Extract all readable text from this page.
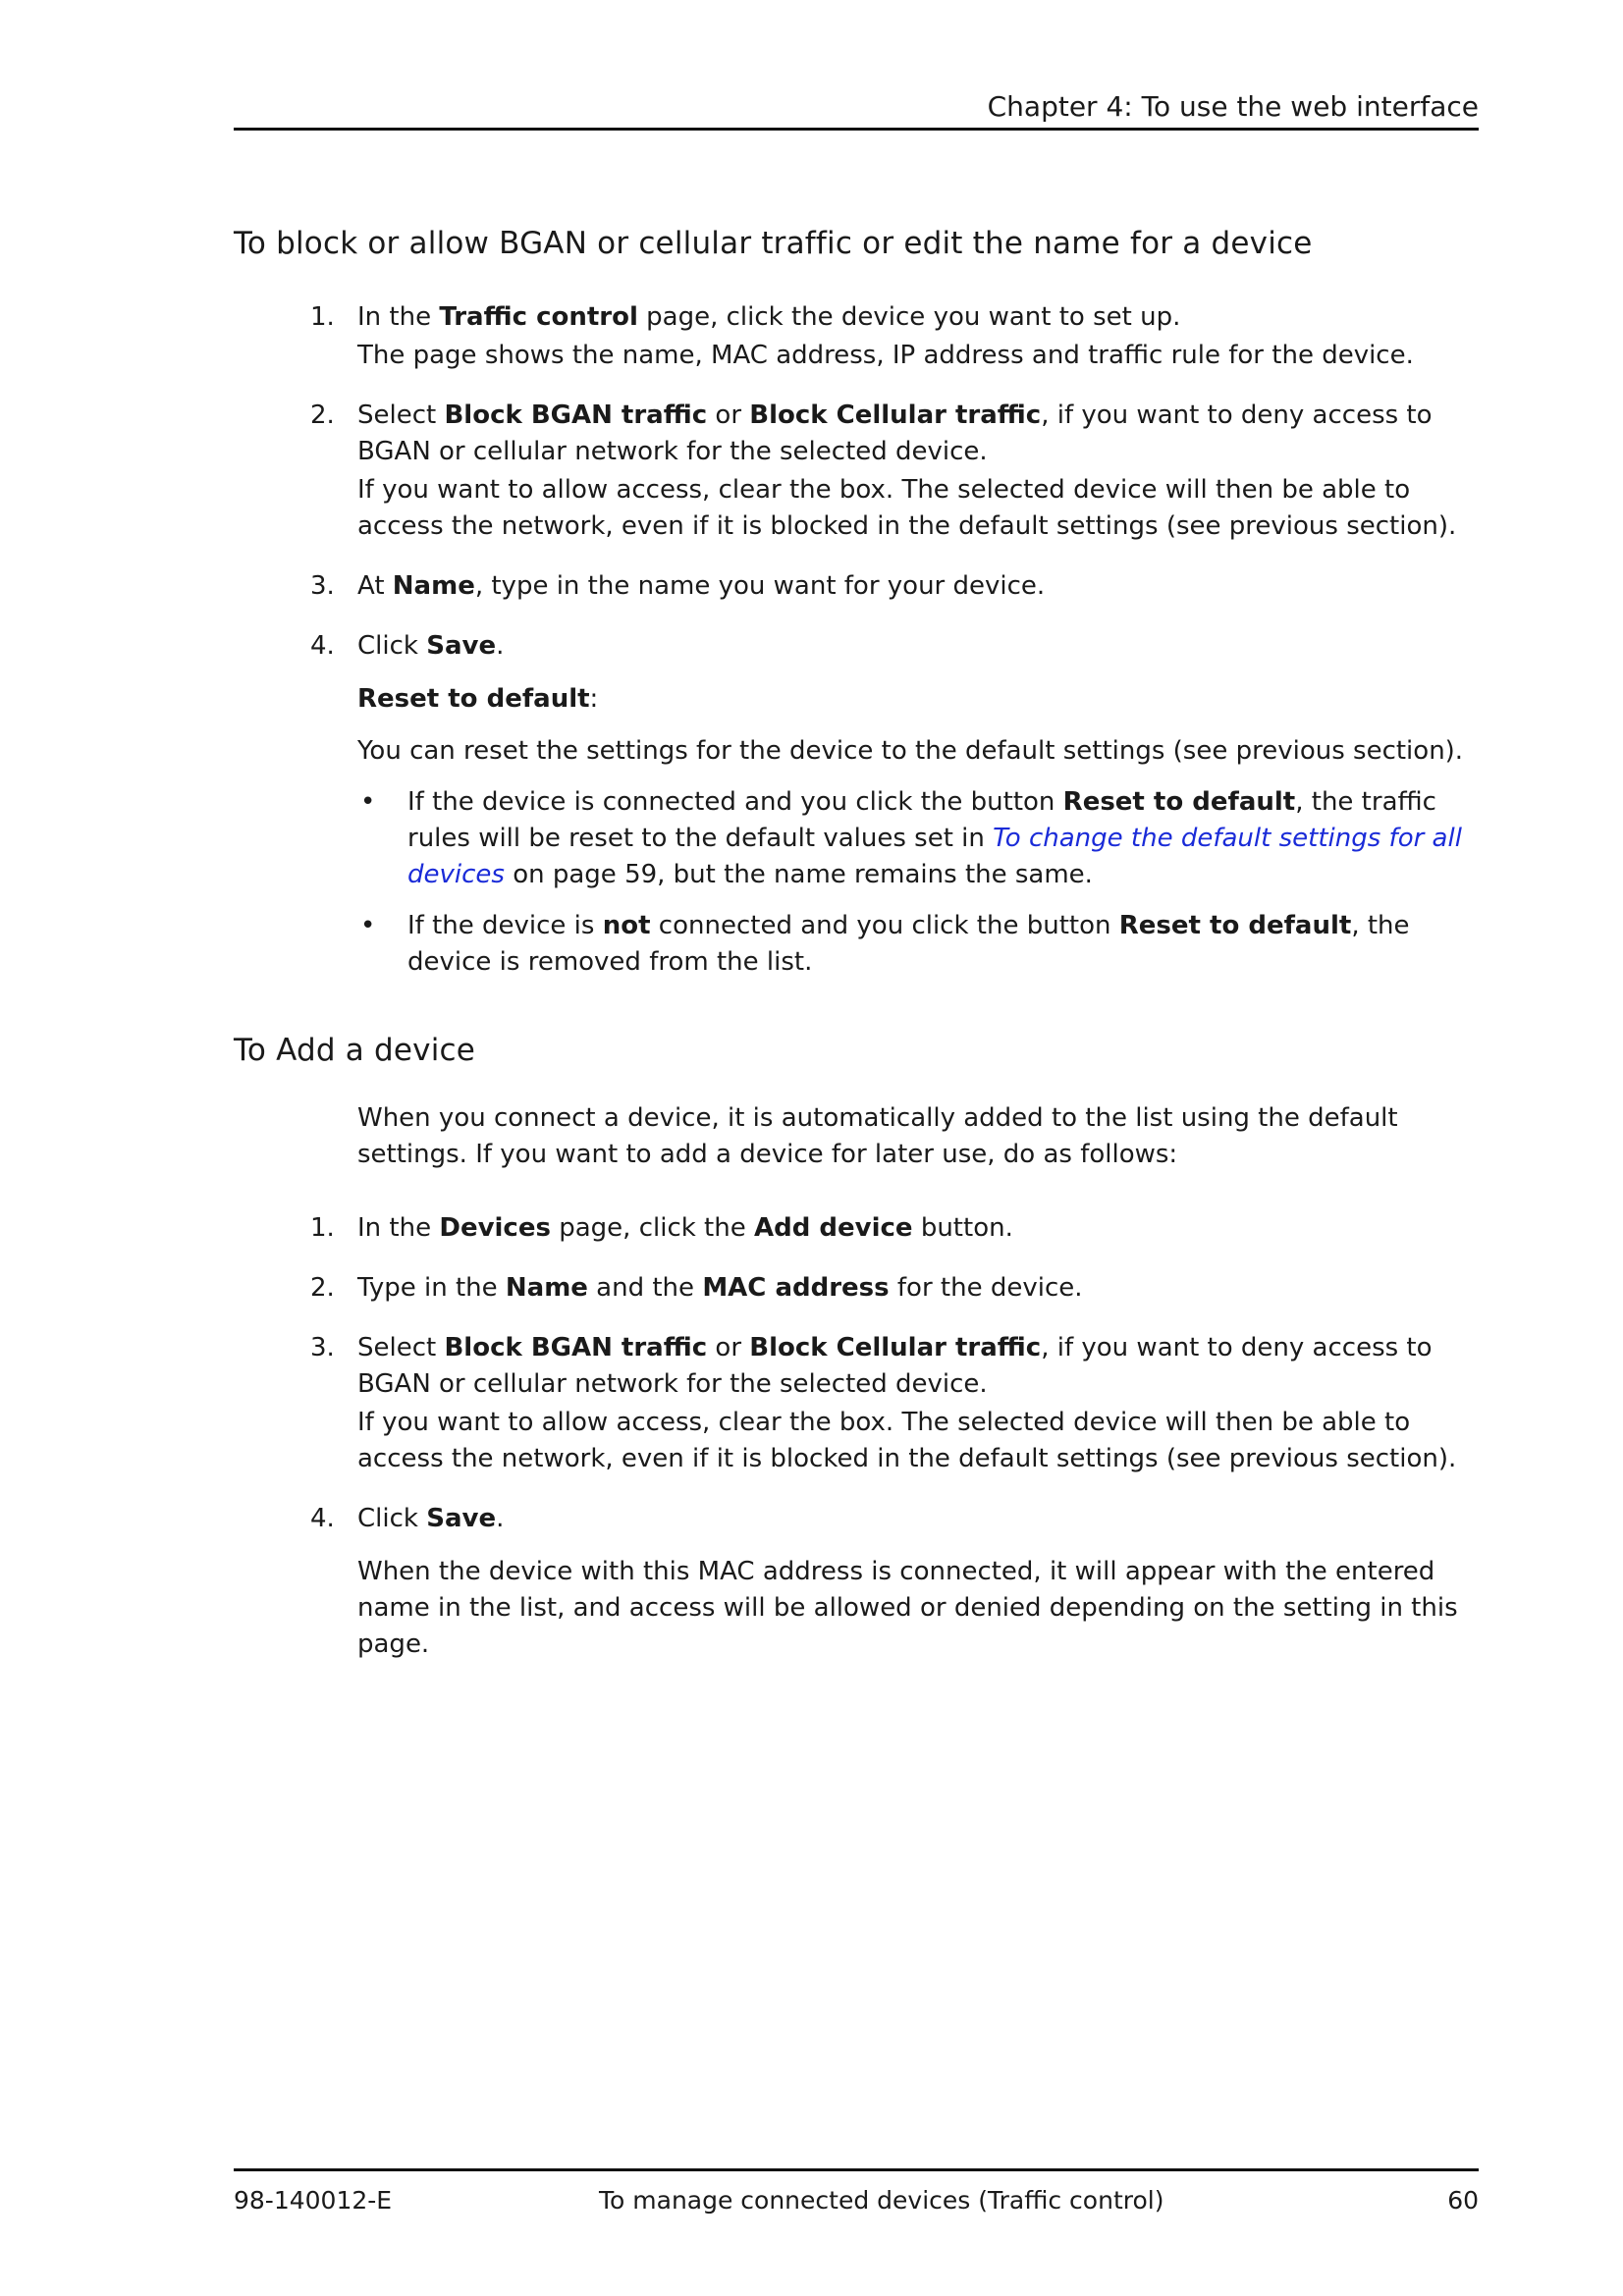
Chapter 4: To use the web interface
To block or allow BGAN or cellular traffic or edit the name for a device
1. In the Traffic control page, click the device you want to set up.
The page shows the name, MAC address, IP address and traffic rule for the device.
2. Select Block BGAN traffic or Block Cellular traffic, if you want to deny access to BGAN or cellular network for the selected device.
If you want to allow access, clear the box. The selected device will then be able to access the network, even if it is blocked in the default settings (see previous section).
3. At Name, type in the name you want for your device.
4. Click Save.
Reset to default:
You can reset the settings for the device to the default settings (see previous section).
• If the device is connected and you click the button Reset to default, the traffic rules will be reset to the default values set in To change the default settings for all devices on page 59, but the name remains the same.
• If the device is not connected and you click the button Reset to default, the device is removed from the list.
To Add a device
When you connect a device, it is automatically added to the list using the default settings. If you want to add a device for later use, do as follows:
1. In the Devices page, click the Add device button.
2. Type in the Name and the MAC address for the device.
3. Select Block BGAN traffic or Block Cellular traffic, if you want to deny access to BGAN or cellular network for the selected device.
If you want to allow access, clear the box. The selected device will then be able to access the network, even if it is blocked in the default settings (see previous section).
4. Click Save.
When the device with this MAC address is connected, it will appear with the entered name in the list, and access will be allowed or denied depending on the setting in this page.
98-140012-E	To manage connected devices (Traffic control)	60
